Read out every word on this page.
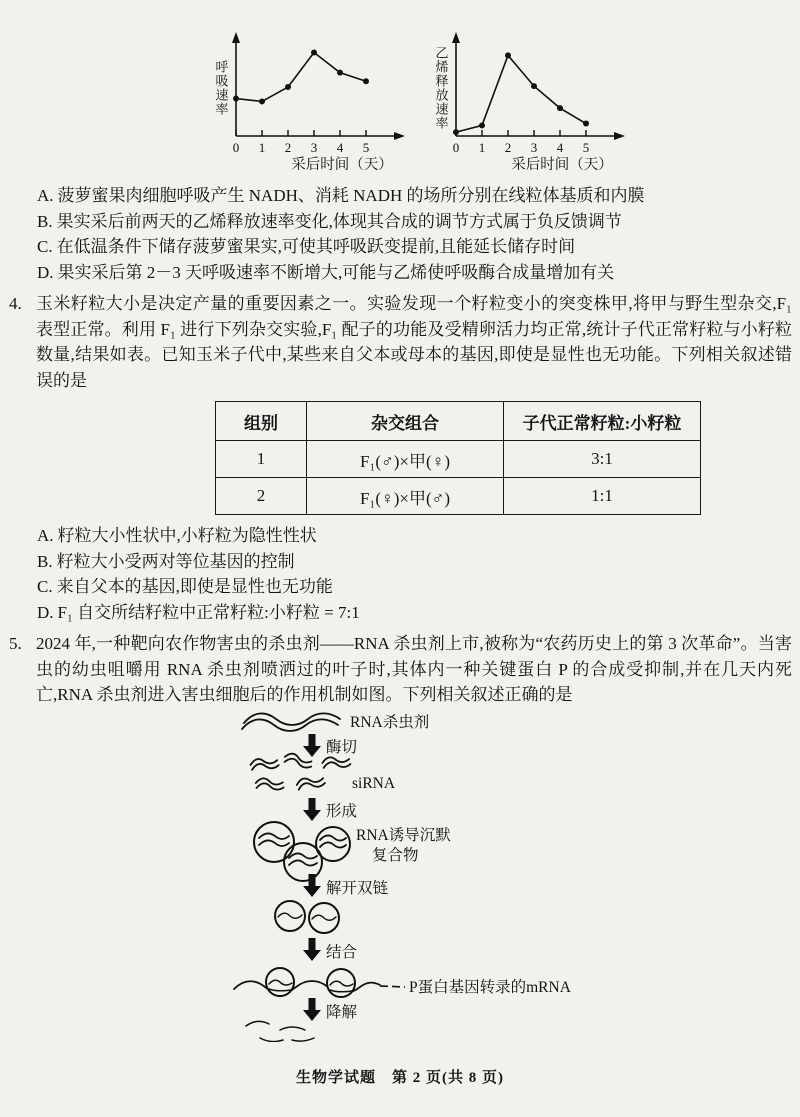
0 1 2 3 4 5
采后时间（天）
呼吸速率
0 1 2 3 4 5
采后时间（天）
乙烯释放速率
A. 菠萝蜜果肉细胞呼吸产生 NADH、消耗 NADH 的场所分别在线粒体基质和内膜
B. 果实采后前两天的乙烯释放速率变化,体现其合成的调节方式属于负反馈调节
C. 在低温条件下储存菠萝蜜果实,可使其呼吸跃变提前,且能延长储存时间
D. 果实采后第 2－3 天呼吸速率不断增大,可能与乙烯使呼吸酶合成量增加有关
4. 玉米籽粒大小是决定产量的重要因素之一。实验发现一个籽粒变小的突变株甲,将甲与野生型杂交,F₁ 表型正常。利用 F₁ 进行下列杂交实验,F₁ 配子的功能及受精卵活力均正常,统计子代正常籽粒与小籽粒数量,结果如表。已知玉米子代中,某些来自父本或母本的基因,即使是显性也无功能。下列相关叙述错误的是
组别	杂交组合	子代正常籽粒:小籽粒
1	F₁(♂)×甲(♀)	3:1
2	F₁(♀)×甲(♂)	1:1
A. 籽粒大小性状中,小籽粒为隐性性状
B. 籽粒大小受两对等位基因的控制
C. 来自父本的基因,即使是显性也无功能
D. F₁ 自交所结籽粒中正常籽粒:小籽粒 = 7:1
5. 2024 年,一种靶向农作物害虫的杀虫剂——RNA 杀虫剂上市,被称为“农药历史上的第 3 次革命”。当害虫的幼虫咀嚼用 RNA 杀虫剂喷洒过的叶子时,其体内一种关键蛋白 P 的合成受抑制,并在几天内死亡,RNA 杀虫剂进入害虫细胞后的作用机制如图。下列相关叙述正确的是
RNA杀虫剂
酶切
siRNA
形成
RNA诱导沉默
复合物
解开双链
结合
P蛋白基因转录的mRNA
降解
生物学试题　第 2 页(共 8 页)
